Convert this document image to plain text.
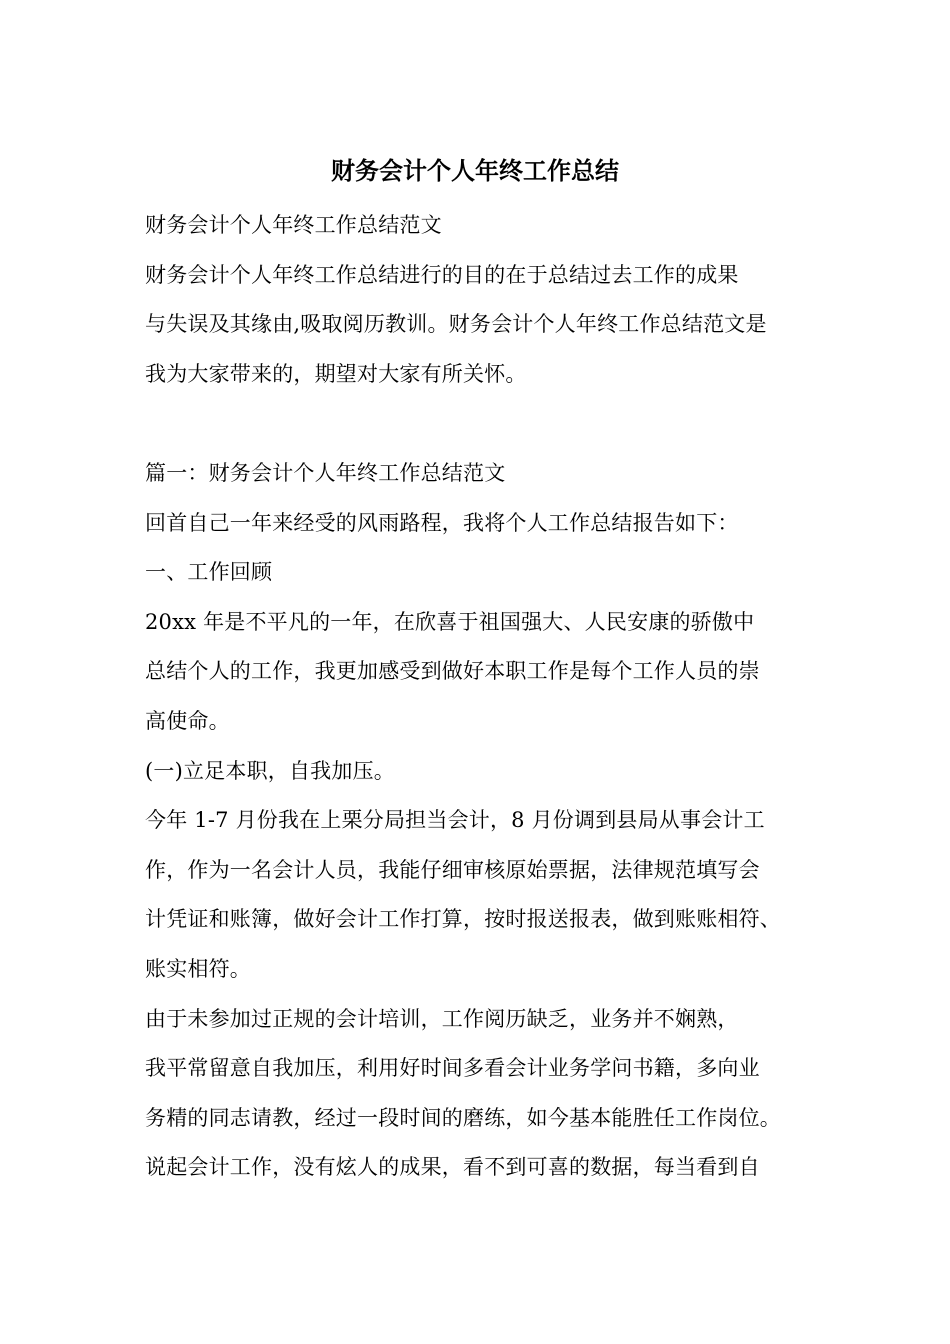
财务会计个人年终工作总结
财务会计个人年终工作总结范文
财务会计个人年终工作总结进行的目的在于总结过去工作的成果
与失误及其缘由,吸取阅历教训。财务会计个人年终工作总结范文是
我为大家带来的，期望对大家有所关怀。
篇一：财务会计个人年终工作总结范文
回首自己一年来经受的风雨路程，我将个人工作总结报告如下：
一、工作回顾
20xx 年是不平凡的一年，在欣喜于祖国强大、人民安康的骄傲中
总结个人的工作，我更加感受到做好本职工作是每个工作人员的崇
高使命。
(一)立足本职，自我加压。
今年 1-7 月份我在上栗分局担当会计，8 月份调到县局从事会计工
作，作为一名会计人员，我能仔细审核原始票据，法律规范填写会
计凭证和账簿，做好会计工作打算，按时报送报表，做到账账相符、
账实相符。
由于未参加过正规的会计培训，工作阅历缺乏，业务并不娴熟，
我平常留意自我加压，利用好时间多看会计业务学问书籍，多向业
务精的同志请教，经过一段时间的磨练，如今基本能胜任工作岗位。
说起会计工作，没有炫人的成果，看不到可喜的数据，每当看到自
